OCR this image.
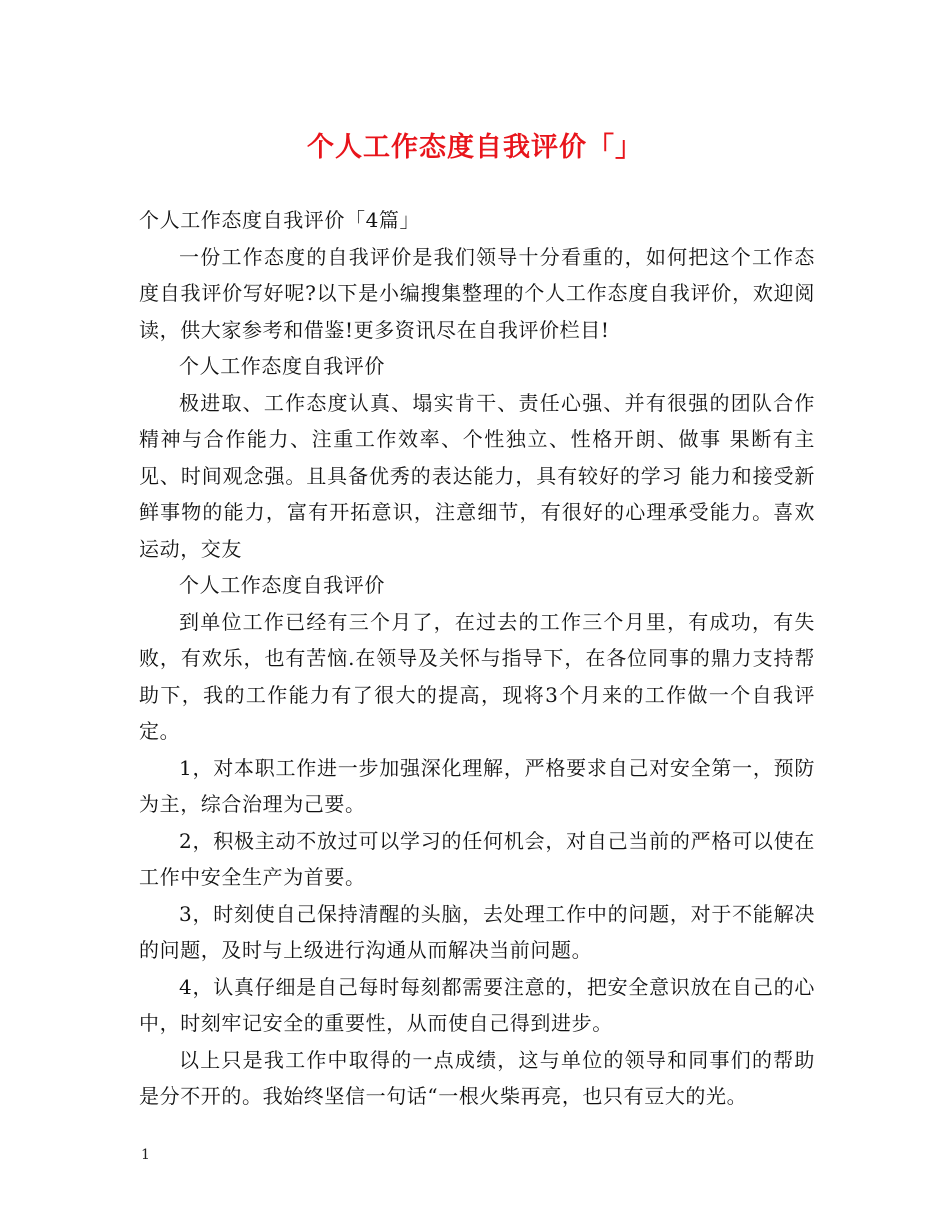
个人工作态度自我评价「」

个人工作态度自我评价「4篇」

一份工作态度的自我评价是我们领导十分看重的，如何把这个工作态度自我评价写好呢?以下是小编搜集整理的个人工作态度自我评价，欢迎阅读，供大家参考和借鉴!更多资讯尽在自我评价栏目!

个人工作态度自我评价

极进取、工作态度认真、塌实肯干、责任心强、并有很强的团队合作精神与合作能力、注重工作效率、个性独立、性格开朗、做事 果断有主见、时间观念强。且具备优秀的表达能力，具有较好的学习 能力和接受新鲜事物的能力，富有开拓意识，注意细节，有很好的心理承受能力。喜欢运动，交友

个人工作态度自我评价

到单位工作已经有三个月了，在过去的工作三个月里，有成功，有失败，有欢乐，也有苦恼.在领导及关怀与指导下，在各位同事的鼎力支持帮助下，我的工作能力有了很大的提高，现将3个月来的工作做一个自我评定。

1，对本职工作进一步加强深化理解，严格要求自己对安全第一，预防为主，综合治理为己要。

2，积极主动不放过可以学习的任何机会，对自己当前的严格可以使在工作中安全生产为首要。

3，时刻使自己保持清醒的头脑，去处理工作中的问题，对于不能解决的问题，及时与上级进行沟通从而解决当前问题。

4，认真仔细是自己每时每刻都需要注意的，把安全意识放在自己的心中，时刻牢记安全的重要性，从而使自己得到进步。

以上只是我工作中取得的一点成绩，这与单位的领导和同事们的帮助是分不开的。我始终坚信一句话“一根火柴再亮，也只有豆大的光。

1
